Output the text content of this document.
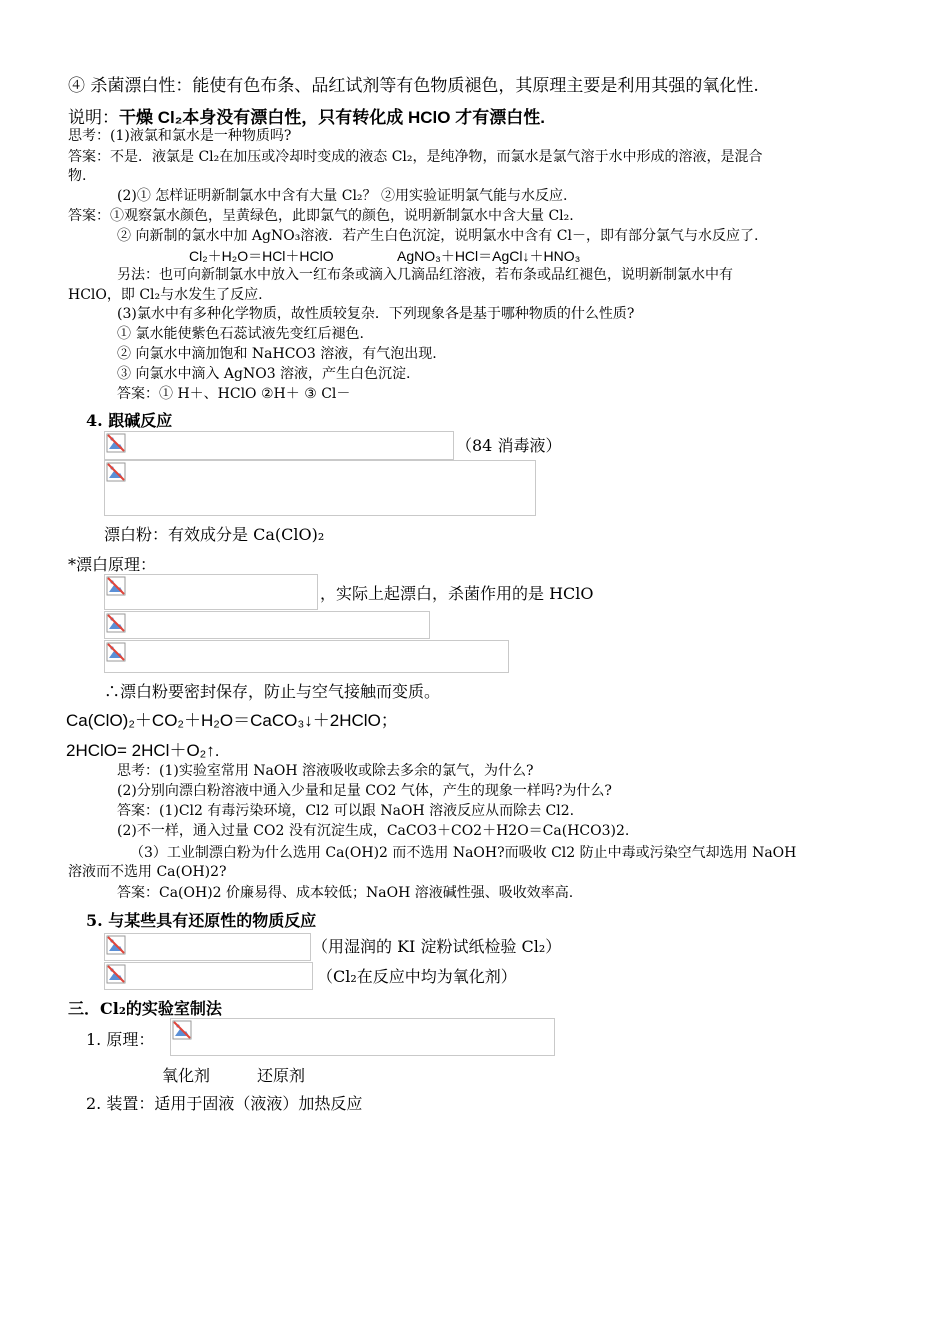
④ 杀菌漂白性：能使有色布条、品红试剂等有色物质褪色，其原理主要是利用其强的氧化性.
说明：干燥 Cl₂本身没有漂白性，只有转化成 HClO 才有漂白性.
思考：(1)液氯和氯水是一种物质吗?
答案：不是．液氯是 Cl₂在加压或冷却时变成的液态 Cl₂，是纯净物，而氯水是氯气溶于水中形成的溶液，是混合
物.
(2)① 怎样证明新制氯水中含有大量 Cl₂？ ②用实验证明氯气能与水反应.
答案：①观察氯水颜色，呈黄绿色，此即氯气的颜色，说明新制氯水中含大量 Cl₂.
② 向新制的氯水中加 AgNO₃溶液．若产生白色沉淀，说明氯水中含有 Cl－，即有部分氯气与水反应了.
Cl₂＋H₂O＝HCl＋HClO	AgNO₃＋HCl＝AgCl↓＋HNO₃
另法：也可向新制氯水中放入一红布条或滴入几滴品红溶液，若布条或品红褪色，说明新制氯水中有
HClO，即 Cl₂与水发生了反应.
(3)氯水中有多种化学物质，故性质较复杂．下列现象各是基于哪种物质的什么性质?
① 氯水能使紫色石蕊试液先变红后褪色.
② 向氯水中滴加饱和 NaHCO3 溶液，有气泡出现.
③ 向氯水中滴入 AgNO3 溶液，产生白色沉淀.
答案：① H＋、HClO ②H＋ ③ Cl－
4. 跟碱反应
（84 消毒液）
漂白粉：有效成分是 Ca(ClO)₂
*漂白原理：
，实际上起漂白，杀菌作用的是 HClO
∴漂白粉要密封保存，防止与空气接触而变质。
Ca(ClO)₂＋CO₂＋H₂O＝CaCO₃↓＋2HClO；
2HClO= 2HCl＋O₂↑.
思考：(1)实验室常用 NaOH 溶液吸收或除去多余的氯气，为什么?
(2)分别向漂白粉溶液中通入少量和足量 CO2 气体，产生的现象一样吗?为什么?
答案：(1)Cl2 有毒污染环境，Cl2 可以跟 NaOH 溶液反应从而除去 Cl2.
(2)不一样，通入过量 CO2 没有沉淀生成，CaCO3＋CO2＋H2O＝Ca(HCO3)2.
（3）工业制漂白粉为什么选用 Ca(OH)2 而不选用 NaOH?而吸收 Cl2 防止中毒或污染空气却选用 NaOH
溶液而不选用 Ca(OH)2?
答案：Ca(OH)2 价廉易得、成本较低；NaOH 溶液碱性强、吸收效率高.
5. 与某些具有还原性的物质反应
（用湿润的 KI 淀粉试纸检验 Cl₂）
（Cl₂在反应中均为氧化剂）
三．Cl₂的实验室制法
1. 原理：
氧化剂	还原剂
2. 装置：适用于固液（液液）加热反应
